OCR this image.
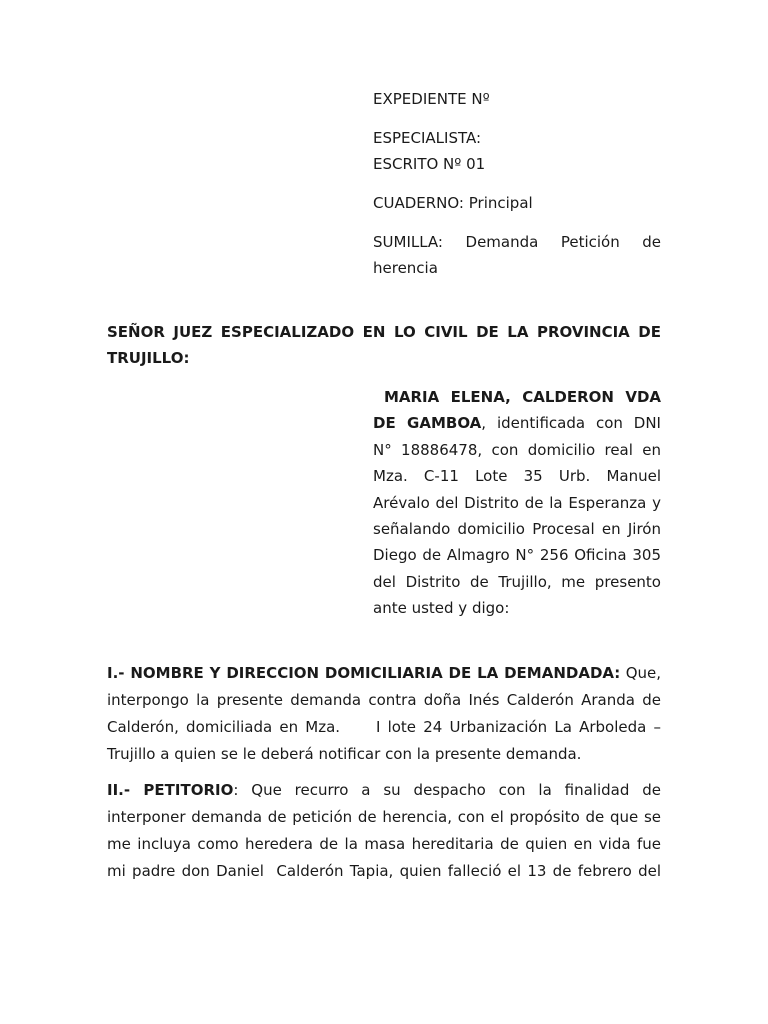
EXPEDIENTE Nº
ESPECIALISTA:
ESCRITO Nº 01
CUADERNO: Principal
SUMILLA: Demanda Petición de
herencia
SEÑOR JUEZ ESPECIALIZADO EN LO CIVIL DE LA PROVINCIA DE
TRUJILLO:
MARIA ELENA, CALDERON VDA
DE GAMBOA, identificada con DNI
N° 18886478, con domicilio real en
Mza. C-11 Lote 35 Urb. Manuel
Arévalo del Distrito de la Esperanza y
señalando domicilio Procesal en Jirón
Diego de Almagro N° 256 Oficina 305
del Distrito de Trujillo, me presento
ante usted y digo:
I.- NOMBRE Y DIRECCION DOMICILIARIA DE LA DEMANDADA: Que,
interpongo la presente demanda contra doña Inés Calderón Aranda de
Calderón, domiciliada en Mza.     I lote 24 Urbanización La Arboleda –
Trujillo a quien se le deberá notificar con la presente demanda.
II.- PETITORIO: Que recurro a su despacho con la finalidad de
interponer demanda de petición de herencia, con el propósito de que se
me incluya como heredera de la masa hereditaria de quien en vida fue
mi padre don Daniel  Calderón Tapia, quien falleció el 13 de febrero del
